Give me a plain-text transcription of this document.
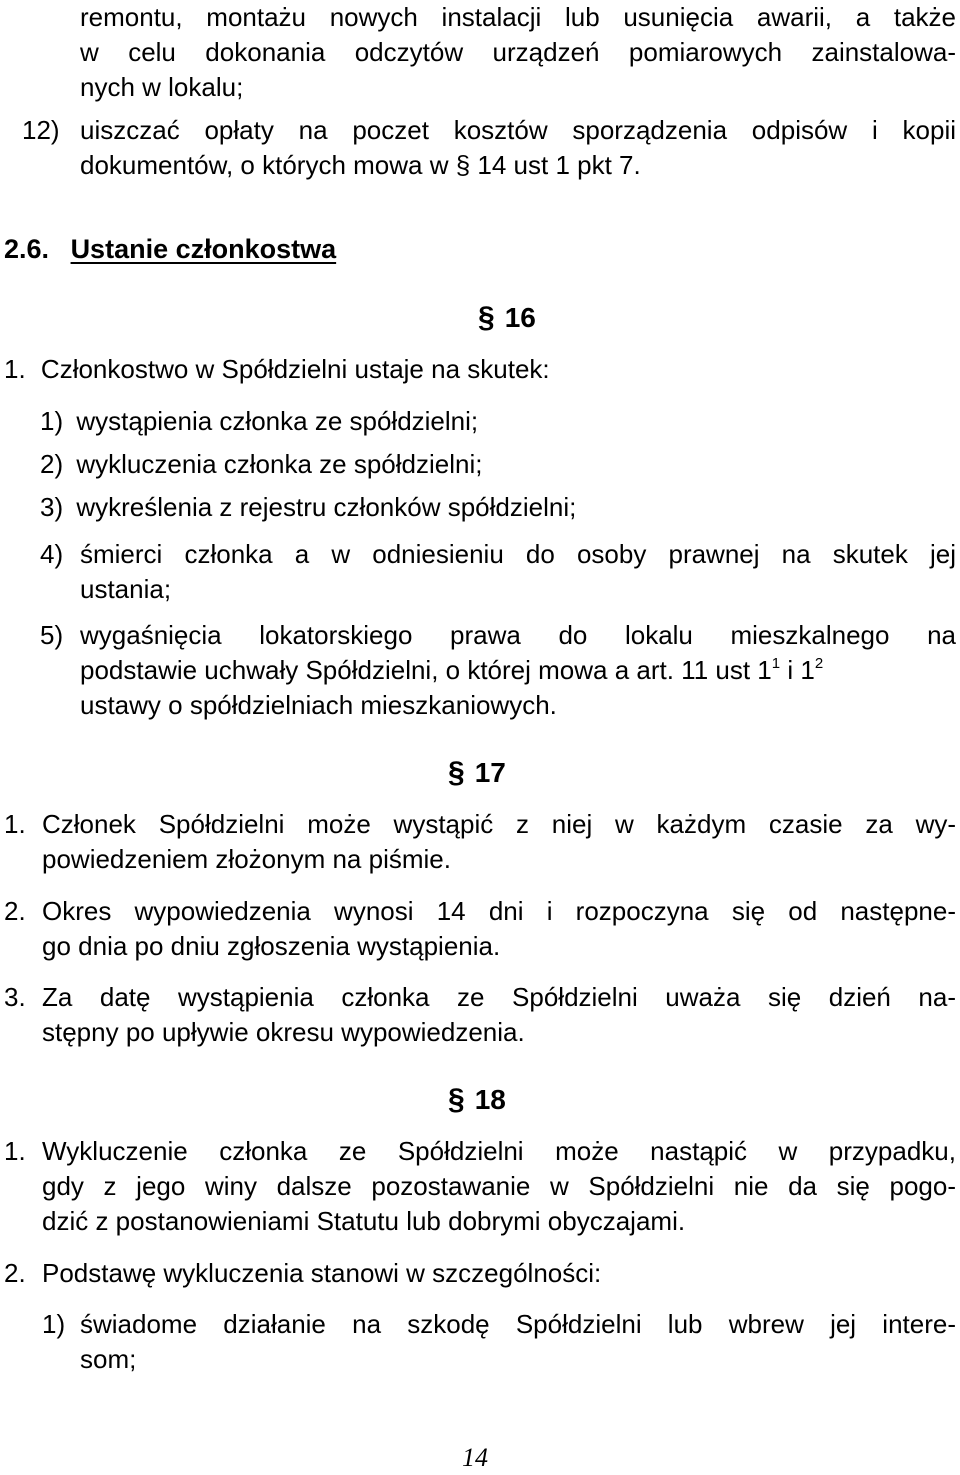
remontu, montażu nowych instalacji lub usunięcia awarii, a także
w celu dokonania odczytów urządzeń pomiarowych zainstalowa-
nych w lokalu;
12) uiszczać opłaty na poczet kosztów sporządzenia odpisów i kopii
dokumentów, o których mowa w § 14 ust 1 pkt 7.
2.6. Ustanie członkostwa
§ 16
1. Członkostwo w Spółdzielni ustaje na skutek:
1) wystąpienia członka ze spółdzielni;
2) wykluczenia członka ze spółdzielni;
3) wykreślenia z rejestru członków spółdzielni;
4) śmierci członka a w odniesieniu do osoby prawnej na skutek jej
ustania;
5) wygaśnięcia lokatorskiego prawa do lokalu mieszkalnego na
podstawie uchwały Spółdzielni, o której mowa a art. 11 ust $1^1$ i $1^2$
ustawy o spółdzielniach mieszkaniowych.
§ 17
1. Członek Spółdzielni może wystąpić z niej w każdym czasie za wy-
powiedzeniem złożonym na piśmie.
2. Okres wypowiedzenia wynosi 14 dni i rozpoczyna się od następne-
go dnia po dniu zgłoszenia wystąpienia.
3. Za datę wystąpienia członka ze Spółdzielni uważa się dzień na-
stępny po upływie okresu wypowiedzenia.
§ 18
1. Wykluczenie członka ze Spółdzielni może nastąpić w przypadku,
gdy z jego winy dalsze pozostawanie w Spółdzielni nie da się pogo-
dzić z postanowieniami Statutu lub dobrymi obyczajami.
2. Podstawę wykluczenia stanowi w szczególności:
1) świadome działanie na szkodę Spółdzielni lub wbrew jej intere-
som;
14
